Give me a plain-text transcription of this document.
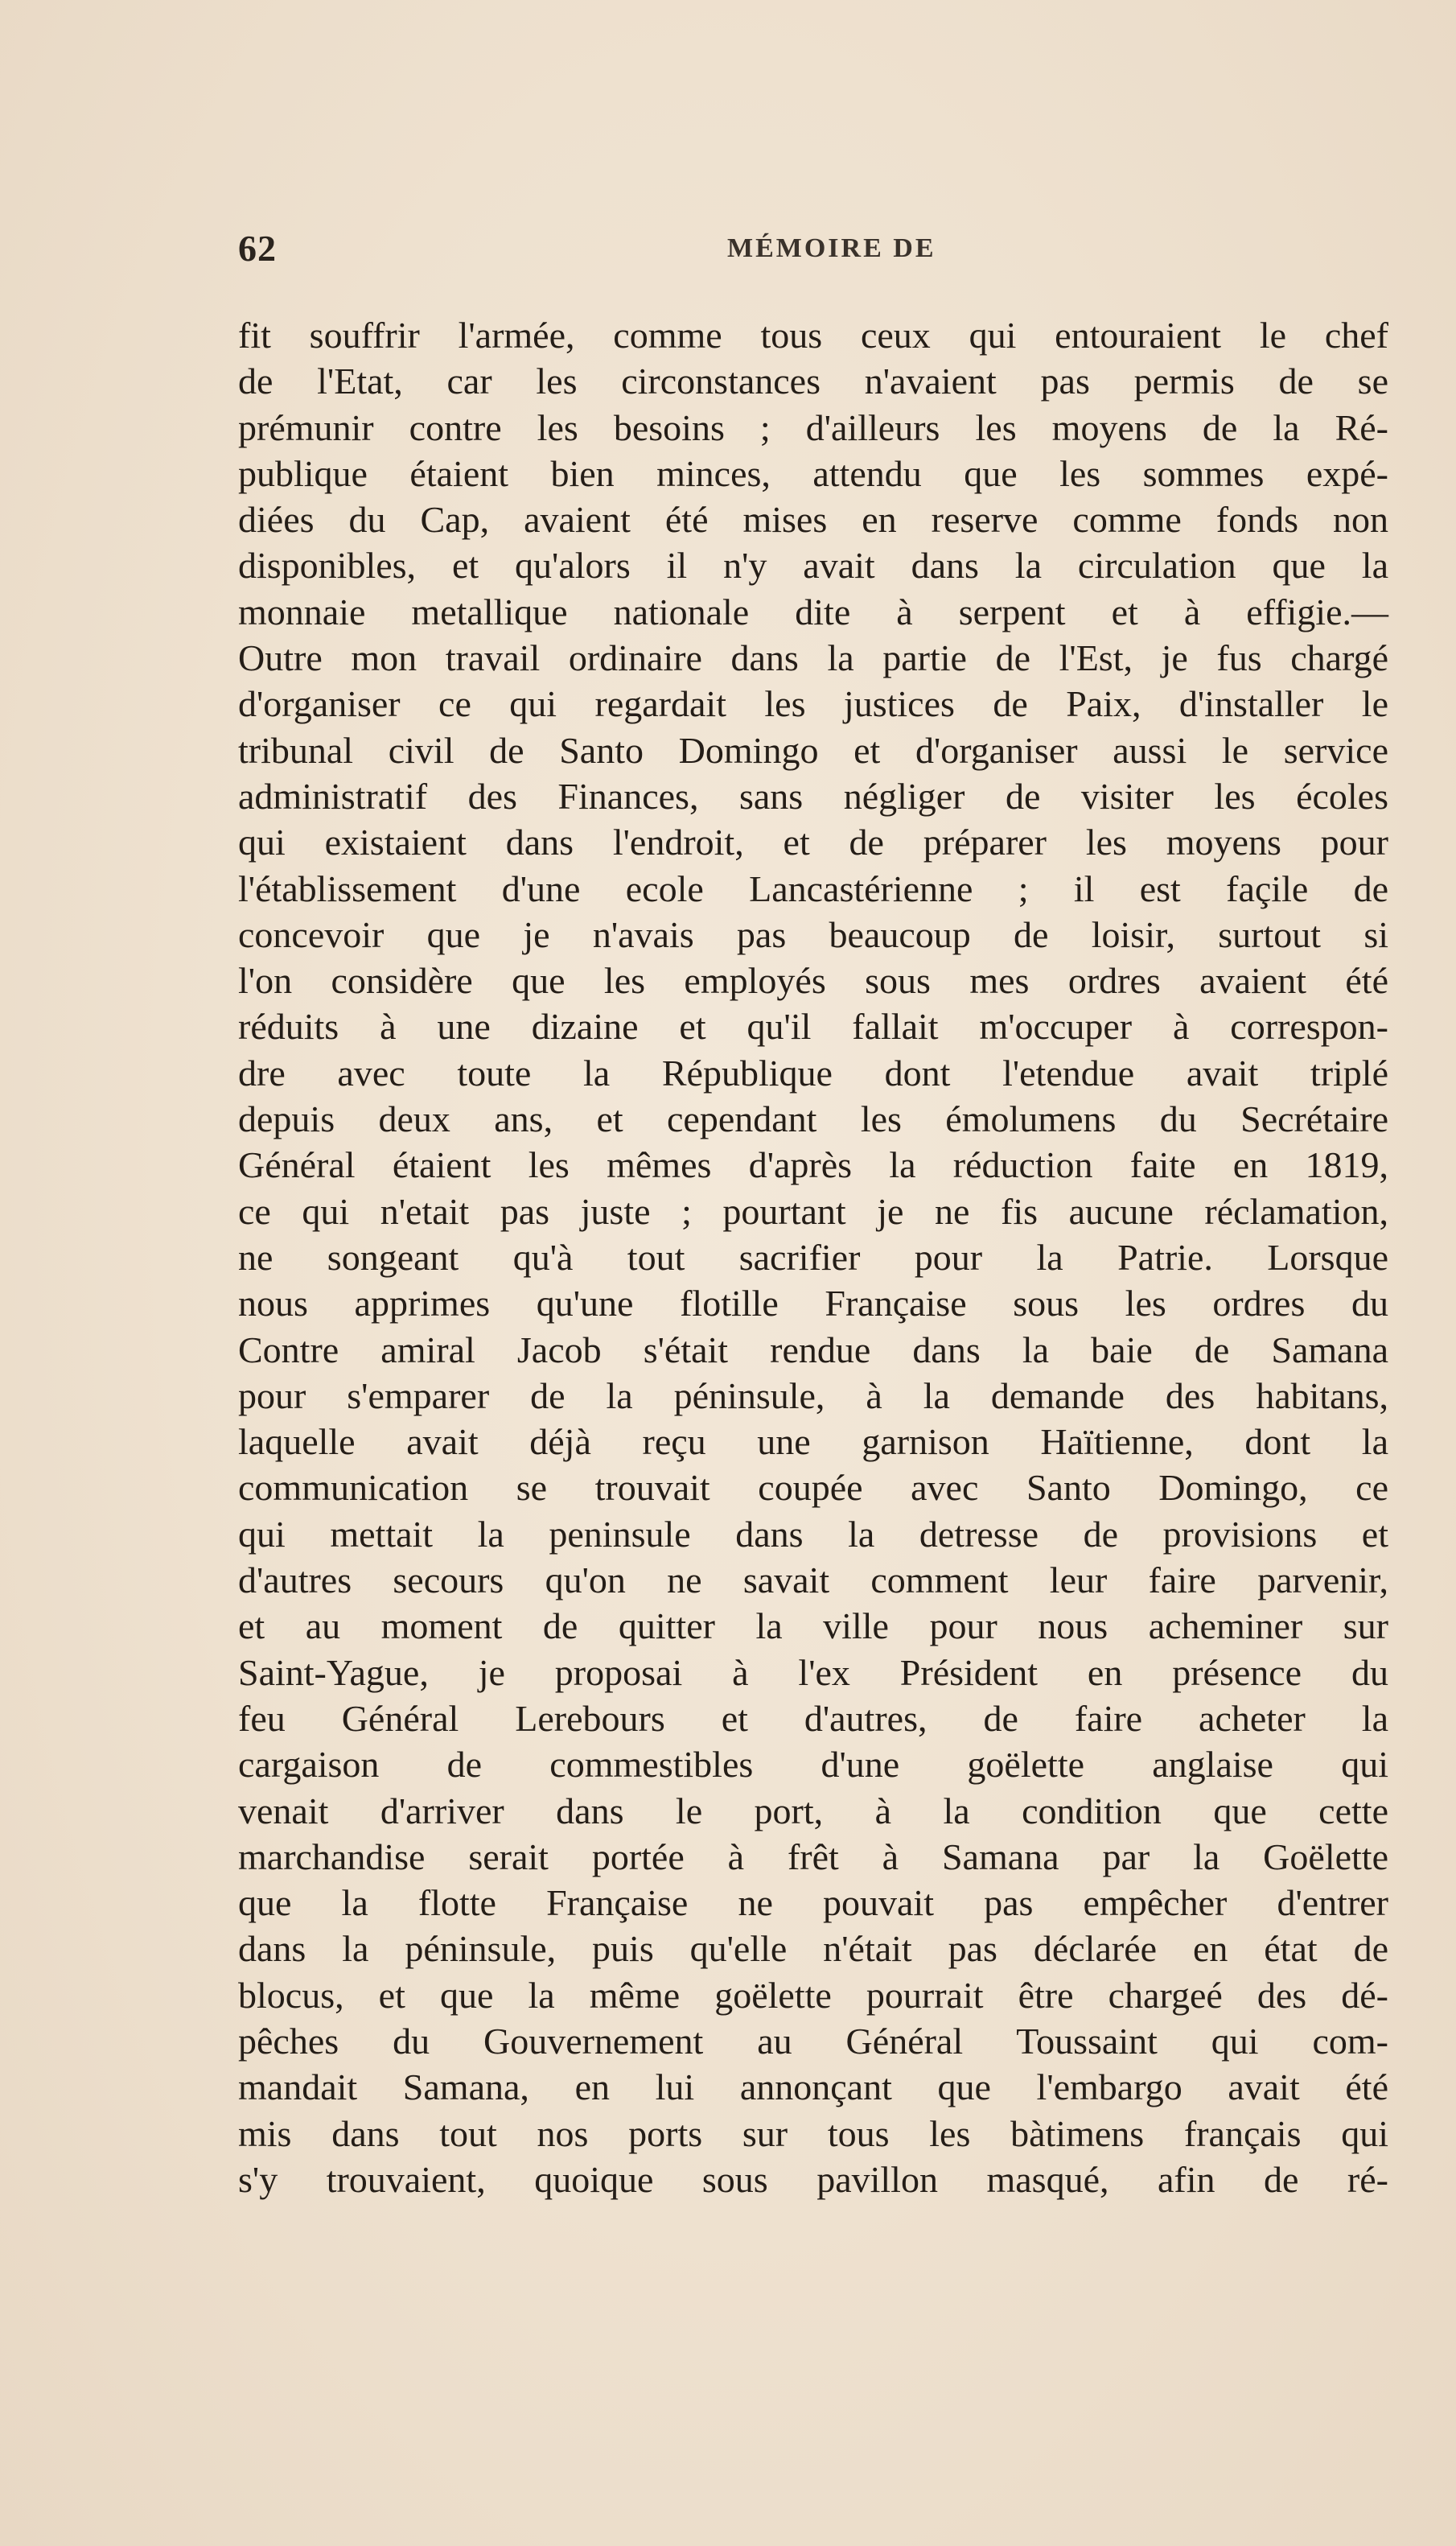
62	MÉMOIRE DE
fit souffrir l'armée, comme tous ceux qui entouraient le chef
de l'Etat, car les circonstances n'avaient pas permis de se
prémunir contre les besoins ; d'ailleurs les moyens de la Ré-
publique étaient bien minces, attendu que les sommes expé-
diées du Cap, avaient été mises en reserve comme fonds non
disponibles, et qu'alors il n'y avait dans la circulation que la
monnaie metallique nationale dite à serpent et à effigie.—
Outre mon travail ordinaire dans la partie de l'Est, je fus chargé
d'organiser ce qui regardait les justices de Paix, d'installer le
tribunal civil de Santo Domingo et d'organiser aussi le service
administratif des Finances, sans négliger de visiter les écoles
qui existaient dans l'endroit, et de préparer les moyens pour
l'établissement d'une ecole Lancastérienne ; il est façile de
concevoir que je n'avais pas beaucoup de loisir, surtout si
l'on considère que les employés sous mes ordres avaient été
réduits à une dizaine et qu'il fallait m'occuper à correspon-
dre avec toute la République dont l'etendue avait triplé
depuis deux ans, et cependant les émolumens du Secrétaire
Général étaient les mêmes d'après la réduction faite en 1819,
ce qui n'etait pas juste ; pourtant je ne fis aucune réclamation,
ne songeant qu'à tout sacrifier pour la Patrie. Lorsque
nous apprimes qu'une flotille Française sous les ordres du
Contre amiral Jacob s'était rendue dans la baie de Samana
pour s'emparer de la péninsule, à la demande des habitans,
laquelle avait déjà reçu une garnison Haïtienne, dont la
communication se trouvait coupée avec Santo Domingo, ce
qui mettait la peninsule dans la detresse de provisions et
d'autres secours qu'on ne savait comment leur faire parvenir,
et au moment de quitter la ville pour nous acheminer sur
Saint-Yague, je proposai à l'ex Président en présence du
feu Général Lerebours et d'autres, de faire acheter la
cargaison de commestibles d'une goëlette anglaise qui
venait d'arriver dans le port, à la condition que cette
marchandise serait portée à frêt à Samana par la Goëlette
que la flotte Française ne pouvait pas empêcher d'entrer
dans la péninsule, puis qu'elle n'était pas déclarée en état de
blocus, et que la même goëlette pourrait être chargeé des dé-
pêches du Gouvernement au Général Toussaint qui com-
mandait Samana, en lui annonçant que l'embargo avait été
mis dans tout nos ports sur tous les bàtimens français qui
s'y trouvaient, quoique sous pavillon masqué, afin de ré-
